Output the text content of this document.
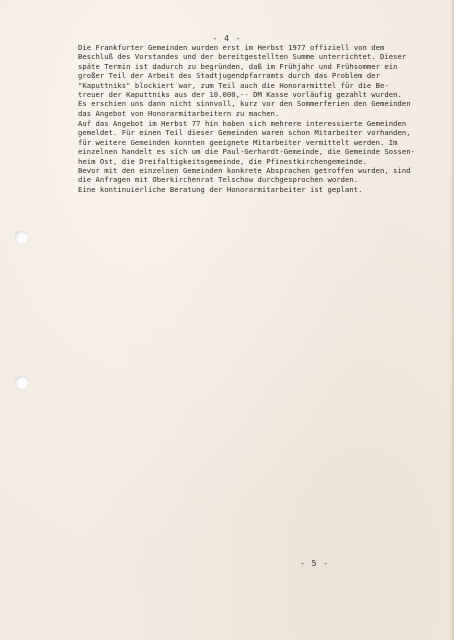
- 4 -
Die Frankfurter Gemeinden wurden erst im Herbst 1977 offiziell von dem
Beschluß des Vorstandes und der bereitgestellten Summe unterrichtet. Dieser
späte Termin ist dadurch zu begründen, daß im Frühjahr und Frühsommer ein
großer Teil der Arbeit des Stadtjugendpfarramts durch das Problem der
"Kaputtniks" blockiert war, zum Teil auch die Honorarmittel für die Be-
treuer der Kaputtniks aus der 10.000,-- DM Kasse vorläufig gezahlt wurden.
Es erschien uns dann nicht sinnvoll, kurz vor den Sommerferien den Gemeinden
das Angebot von Honorarmitarbeitern zu machen.
Auf das Angebot im Herbst 77 hin haben sich mehrere interessierte Gemeinden
gemeldet. Für einen Teil dieser Gemeinden waren schon Mitarbeiter vorhanden,
für weitere Gemeinden konnten geeignete Mitarbeiter vermittelt werden. Im
einzelnen handelt es sich um die Paul-Gerhardt-Gemeinde, die Gemeinde Sossen-
heim Ost, die Dreifaltigkeitsgemeinde, die Pfinestkirchengemeinde.
Bevor mit den einzelnen Gemeinden konkrete Absprachen getroffen wurden, sind
die Anfragen mit Oberkirchenrat Telschow durchgesprochen worden.
Eine kontinuierliche Beratung der Honorarmitarbeiter ist geplant.
- 5 -
